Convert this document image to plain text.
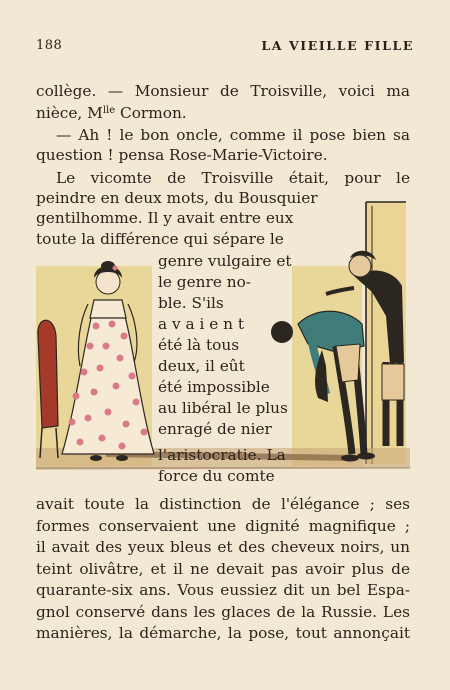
188	LA VIEILLE FILLE
collège. — Monsieur de Troisville, voici ma
nièce, $M^{lle}$ Cormon.
— Ah ! le bon oncle, comme il pose bien sa
question ! pensa Rose-Marie-Victoire.
Le vicomte de Troisville était, pour le
peindre en deux mots, du Bousquier
gentilhomme. Il y avait entre eux
toute la différence qui sépare le
genre vulgaire et
le genre no-
ble. S'ils
a v a i e n t
été là tous
deux, il eût
été impossible
au libéral le plus
enragé de nier
l'aristocratie. La
force du comte
avait toute la distinction de l'élégance ; ses
formes conservaient une dignité magnifique ;
il avait des yeux bleus et des cheveux noirs, un
teint olivâtre, et il ne devait pas avoir plus de
quarante-six ans. Vous eussiez dit un bel Espa-
gnol conservé dans les glaces de la Russie. Les
manières, la démarche, la pose, tout annonçait
